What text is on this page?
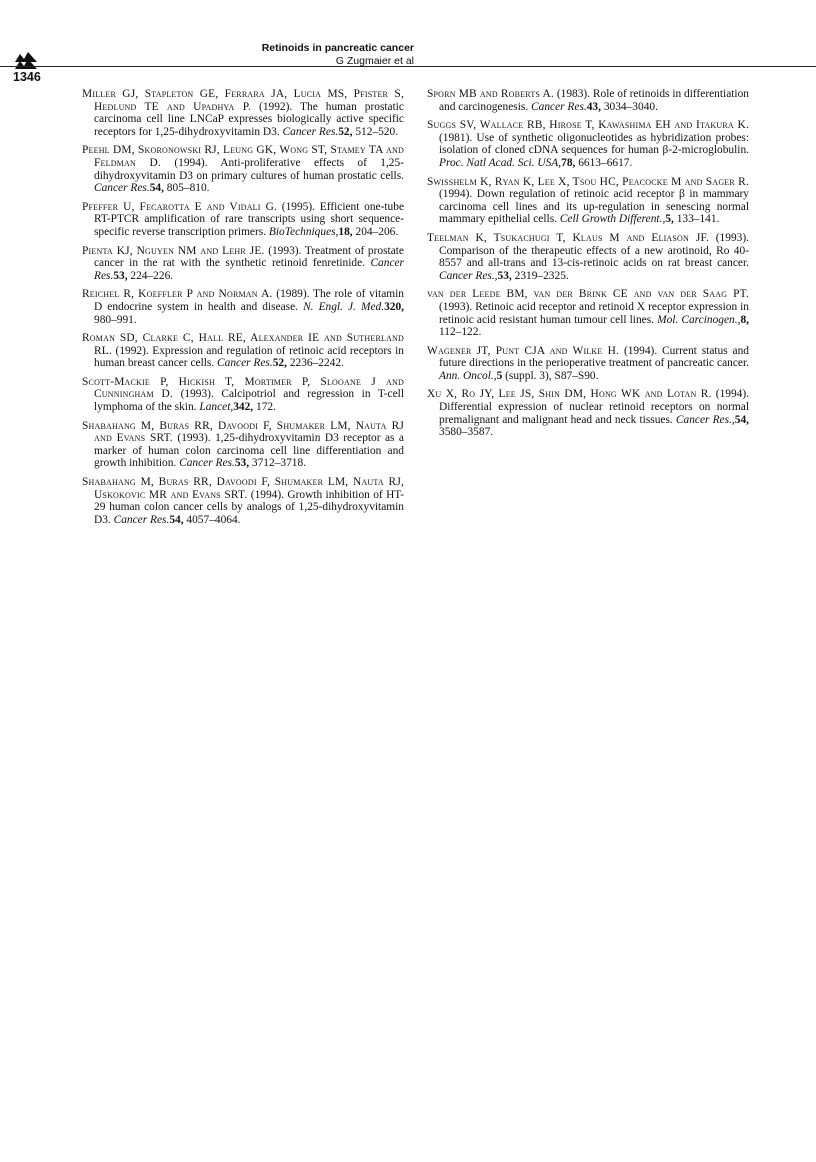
1346
Retinoids in pancreatic cancer
G Zugmaier et al

Miller GJ, Stapleton GE, Ferrara JA, Lucia MS, Pfister S, Hedlund TE and Upadhya P. (1992). The human prostatic carcinoma cell line LNCaP expresses biologically active specific receptors for 1,25-dihydroxyvitamin D3. Cancer Res.52, 512–520.

Peehl DM, Skoronowski RJ, Leung GK, Wong ST, Stamey TA and Feldman D. (1994). Anti-proliferative effects of 1,25-dihydroxyvitamin D3 on primary cultures of human prostatic cells. Cancer Res.54, 805–810.

Pfeffer U, Fecarotta E and Vidali G. (1995). Efficient one-tube RT-PTCR amplification of rare transcripts using short sequence-specific reverse transcription primers. BioTechniques,18, 204–206.

Pienta KJ, Nguyen NM and Lehr JE. (1993). Treatment of prostate cancer in the rat with the synthetic retinoid fenretinide. Cancer Res.53, 224–226.

Reichel R, Koeffler P and Norman A. (1989). The role of vitamin D endocrine system in health and disease. N. Engl. J. Med.320, 980–991.

Roman SD, Clarke C, Hall RE, Alexander IE and Sutherland RL. (1992). Expression and regulation of retinoic acid receptors in human breast cancer cells. Cancer Res.52, 2236–2242.

Scott-Mackie P, Hickish T, Mortimer P, Slooane J and Cunningham D. (1993). Calcipotriol and regression in T-cell lymphoma of the skin. Lancet,342, 172.

Shabahang M, Buras RR, Davoodi F, Shumaker LM, Nauta RJ and Evans SRT. (1993). 1,25-dihydroxyvitamin D3 receptor as a marker of human colon carcinoma cell line differentiation and growth inhibition. Cancer Res.53, 3712–3718.

Shabahang M, Buras RR, Davoodi F, Shumaker LM, Nauta RJ, Uskokovic MR and Evans SRT. (1994). Growth inhibition of HT-29 human colon cancer cells by analogs of 1,25-dihydroxyvitamin D3. Cancer Res.54, 4057–4064.

Sporn MB and Roberts A. (1983). Role of retinoids in differentiation and carcinogenesis. Cancer Res.43, 3034–3040.

Suggs SV, Wallace RB, Hirose T, Kawashima EH and Itakura K. (1981). Use of synthetic oligonucleotides as hybridization probes: isolation of cloned cDNA sequences for human β-2-microglobulin. Proc. Natl Acad. Sci. USA,78, 6613–6617.

Swisshelm K, Ryan K, Lee X, Tsou HC, Peacocke M and Sager R. (1994). Down regulation of retinoic acid receptor β in mammary carcinoma cell lines and its up-regulation in senescing normal mammary epithelial cells. Cell Growth Different.,5, 133–141.

Teelman K, Tsukachugi T, Klaus M and Eliason JF. (1993). Comparison of the therapeutic effects of a new arotinoid, Ro 40-8557 and all-trans and 13-cis-retinoic acids on rat breast cancer. Cancer Res.,53, 2319–2325.

van der Leede BM, van der Brink CE and van der Saag PT. (1993). Retinoic acid receptor and retinoid X receptor expression in retinoic acid resistant human tumour cell lines. Mol. Carcinogen.,8, 112–122.

Wagener JT, Punt CJA and Wilke H. (1994). Current status and future directions in the perioperative treatment of pancreatic cancer. Ann. Oncol.,5 (suppl. 3), S87–S90.

Xu X, Ro JY, Lee JS, Shin DM, Hong WK and Lotan R. (1994). Differential expression of nuclear retinoid receptors on normal premalignant and malignant head and neck tissues. Cancer Res.,54, 3580–3587.
